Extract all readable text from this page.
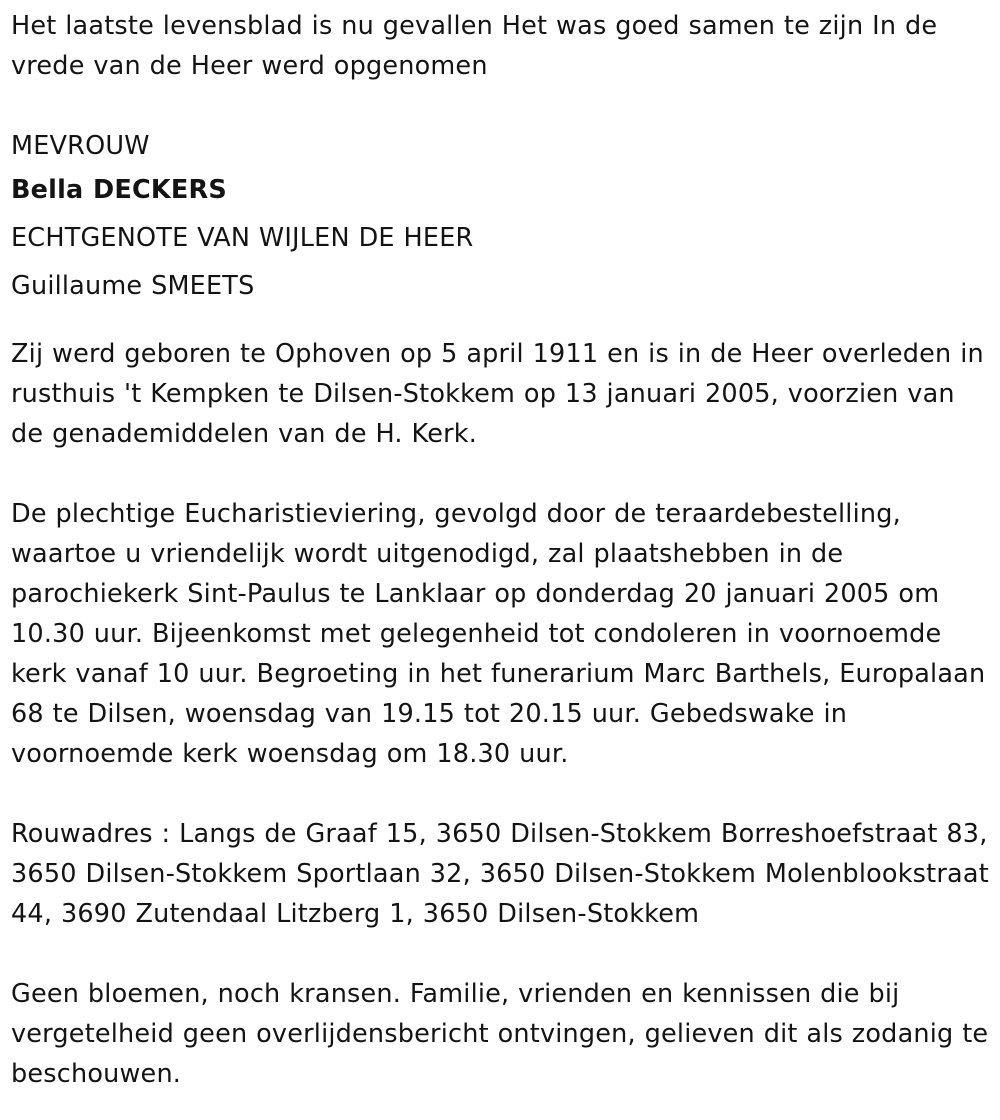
Het laatste levensblad is nu gevallen Het was goed samen te zijn In de vrede van de Heer werd opgenomen

MEVROUW
Bella DECKERS
ECHTGENOTE VAN WIJLEN DE HEER
Guillaume SMEETS

Zij werd geboren te Ophoven op 5 april 1911 en is in de Heer overleden in rusthuis 't Kempken te Dilsen-Stokkem op 13 januari 2005, voorzien van de genademiddelen van de H. Kerk.

De plechtige Eucharistieviering, gevolgd door de teraardebestelling, waartoe u vriendelijk wordt uitgenodigd, zal plaatshebben in de parochiekerk Sint-Paulus te Lanklaar op donderdag 20 januari 2005 om 10.30 uur. Bijeenkomst met gelegenheid tot condoleren in voornoemde kerk vanaf 10 uur. Begroeting in het funerarium Marc Barthels, Europalaan 68 te Dilsen, woensdag van 19.15 tot 20.15 uur. Gebedswake in voornoemde kerk woensdag om 18.30 uur.

Rouwadres : Langs de Graaf 15, 3650 Dilsen-Stokkem Borreshoefstraat 83, 3650 Dilsen-Stokkem Sportlaan 32, 3650 Dilsen-Stokkem Molenblookstraat 44, 3690 Zutendaal Litzberg 1, 3650 Dilsen-Stokkem

Geen bloemen, noch kransen. Familie, vrienden en kennissen die bij vergetelheid geen overlijdensbericht ontvingen, gelieven dit als zodanig te beschouwen.
